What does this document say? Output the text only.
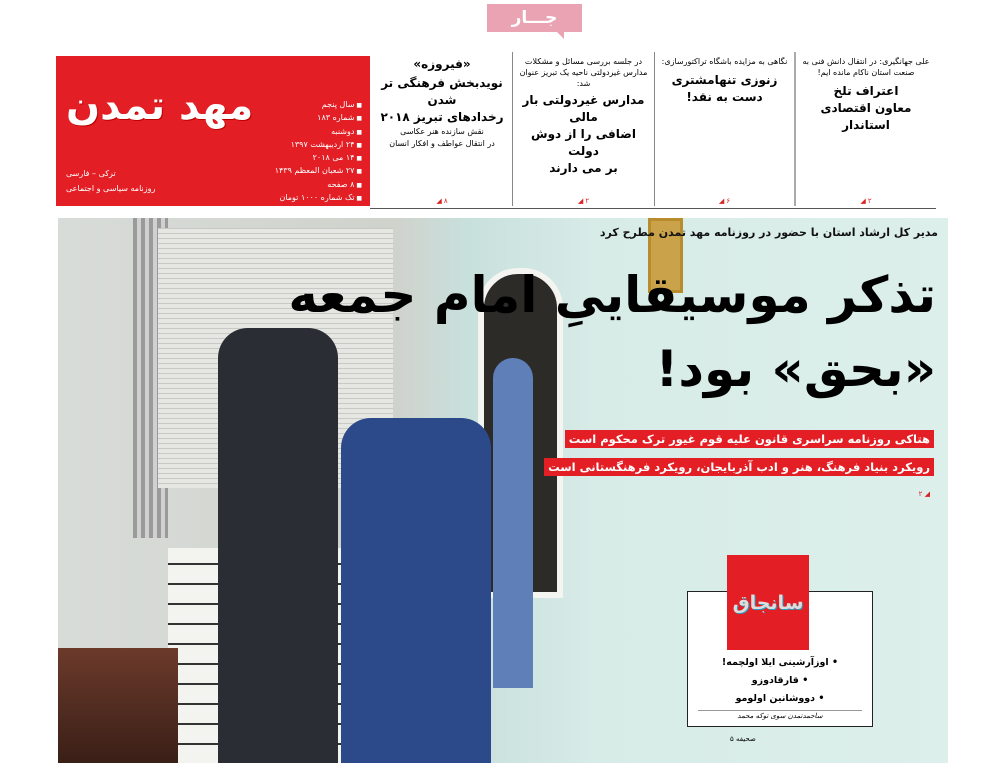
جـــار
مهد تمدن
ترکی – فارسی
روزنامه سیاسی و اجتماعی
■ سال پنجم
■ شماره ۱۸۳
■ دوشنبه
■ ۲۴ اردیبهشت ۱۳۹۷
■ ۱۴ می ۲۰۱۸
■ ۲۷ شعبان المعظم ۱۴۳۹
■ ۸ صفحه
■ تک شماره ۱۰۰۰ تومان
علی جهانگیری: در انتقال دانش فنی به صنعت استان ناکام مانده ایم!
اعتراف تلخ
معاون اقتصادی استاندار
۲ ◢
نگاهی به مزایده باشگاه تراکتورسازی:
زنوزی تنهامشتری
دست به نقد!
۶ ◢
در جلسه بررسی مسائل و مشکلات مدارس غیردولتی ناحیه یک تبریز عنوان شد:
مدارس غیردولتی بار مالی
اضافی را از دوش دولت
بر می دارند
۲ ◢
«فیروزه»
نویدبخش فرهنگی تر شدن
رخدادهای تبریز ۲۰۱۸
نقش سازنده هنر عکاسی
در انتقال عواطف و افکار انسان
۸ ◢
مدیر کل ارشاد استان با حضور در روزنامه مهد تمدن مطرح کرد
تذکر موسیقاییِ امام جمعه
«بحق» بود!
هتاکی روزنامه سراسری قانون علیه قوم غیور ترک محکوم است
رویکرد بنیاد فرهنگ، هنر و ادب آذربایجان، رویکرد فرهنگستانی است
۲ ◢
• اوزآرشینی ایلا اولچمه!
• قارقادوزو
• دووشانین اولومو
ساحمدتمدن سوی توکه محمد
سانجاق
صحیفه ۵
